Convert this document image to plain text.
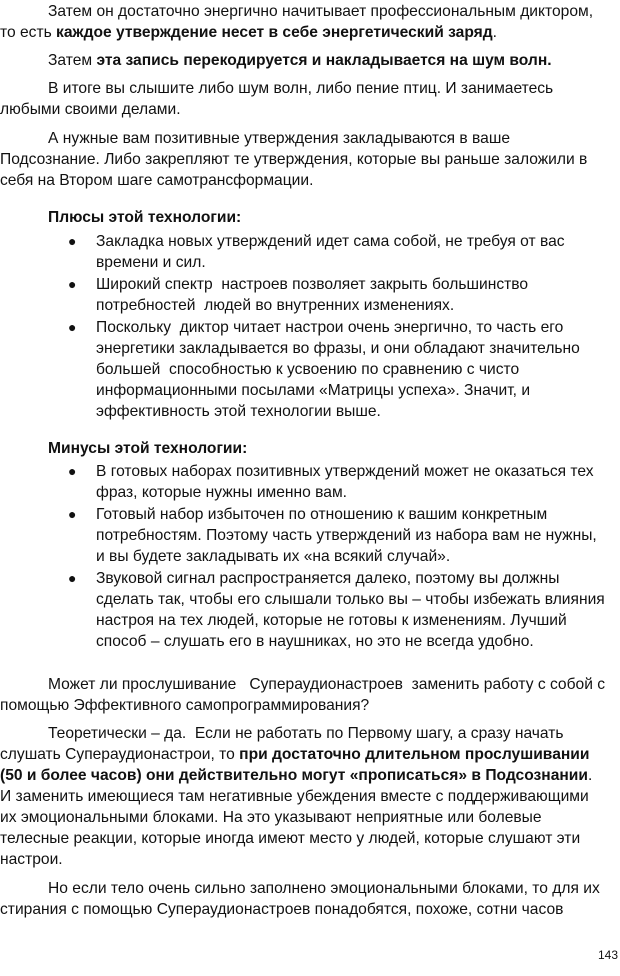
Затем он достаточно энергично начитывает профессиональным диктором,
то есть каждое утверждение несет в себе энергетический заряд.
Затем эта запись перекодируется и накладывается на шум волн.
В итоге вы слышите либо шум волн, либо пение птиц. И занимаетесь
любыми своими делами.
А нужные вам позитивные утверждения закладываются в ваше
Подсознание. Либо закрепляют те утверждения, которые вы раньше заложили в
себя на Втором шаге самотрансформации.
Плюсы этой технологии:
● Закладка новых утверждений идет сама собой, не требуя от вас
времени и сил.
● Широкий спектр  настроев позволяет закрыть большинство
потребностей  людей во внутренних изменениях.
● Поскольку  диктор читает настрои очень энергично, то часть его
энергетики закладывается во фразы, и они обладают значительно
большей  способностью к усвоению по сравнению с чисто
информационными посылами «Матрицы успеха». Значит, и
эффективность этой технологии выше.
Минусы этой технологии:
● В готовых наборах позитивных утверждений может не оказаться тех
фраз, которые нужны именно вам.
● Готовый набор избыточен по отношению к вашим конкретным
потребностям. Поэтому часть утверждений из набора вам не нужны,
и вы будете закладывать их «на всякий случай».
● Звуковой сигнал распространяется далеко, поэтому вы должны
сделать так, чтобы его слышали только вы – чтобы избежать влияния
настроя на тех людей, которые не готовы к изменениям. Лучший
способ – слушать его в наушниках, но это не всегда удобно.
Может ли прослушивание   Супераудионастроев  заменить работу с собой с
помощью Эффективного самопрограммирования?
Теоретически – да.  Если не работать по Первому шагу, а сразу начать
слушать Супераудионастрои, то при достаточно длительном прослушивании
(50 и более часов) они действительно могут «прописаться» в Подсознании.
И заменить имеющиеся там негативные убеждения вместе с поддерживающими
их эмоциональными блоками. На это указывают неприятные или болевые
телесные реакции, которые иногда имеют место у людей, которые слушают эти
настрои.
Но если тело очень сильно заполнено эмоциональными блоками, то для их
стирания с помощью Супераудионастроев понадобятся, похоже, сотни часов
143
